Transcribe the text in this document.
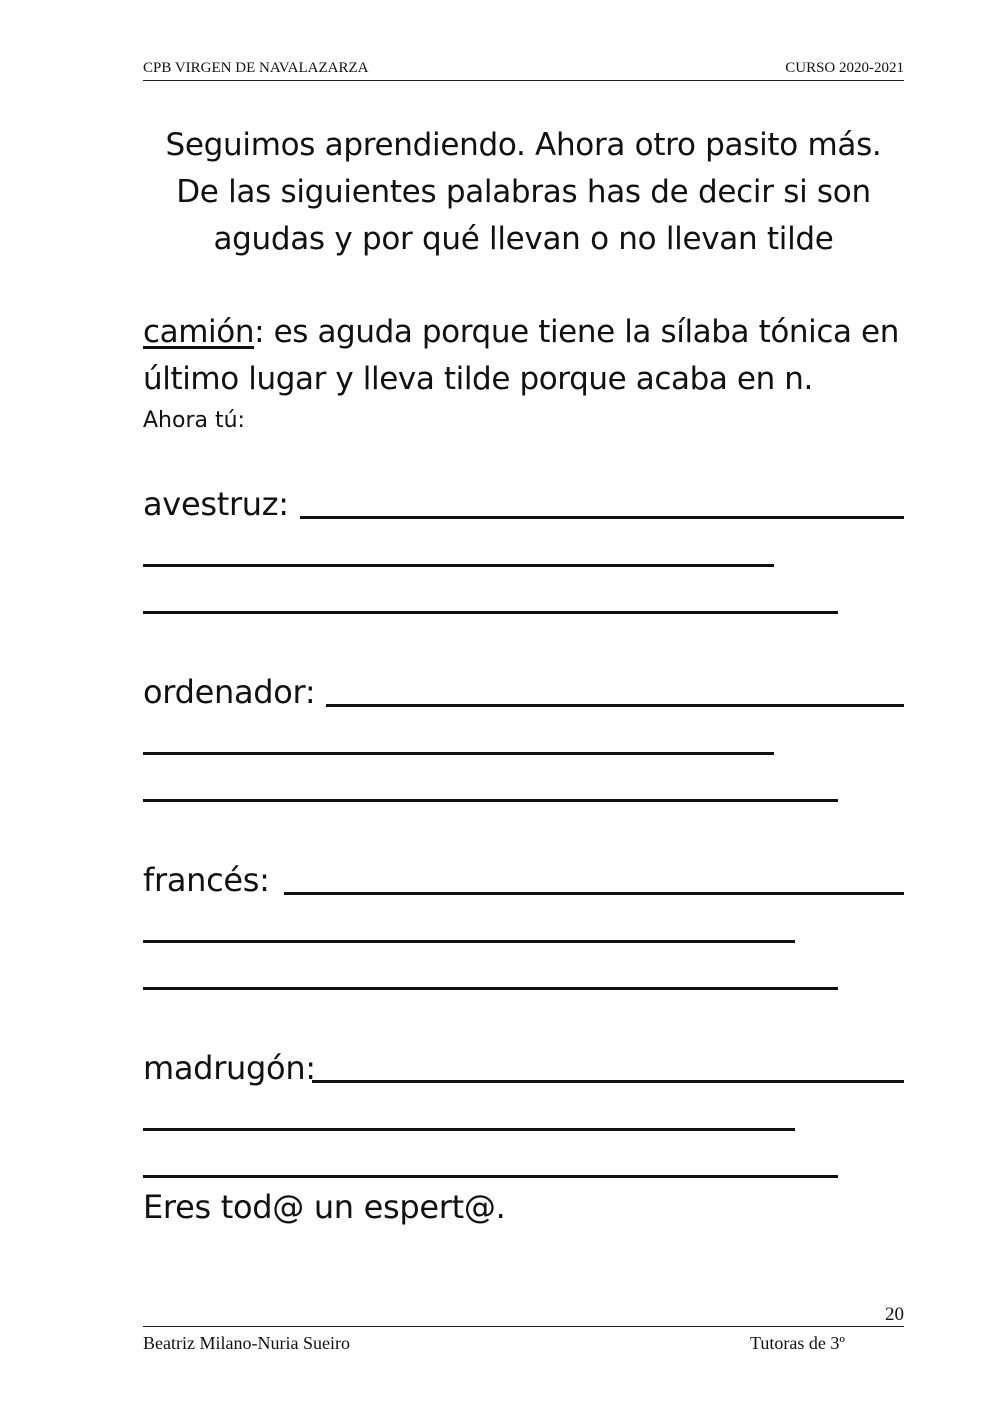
CPB VIRGEN DE NAVALAZARZA	CURSO 2020-2021
Seguimos aprendiendo. Ahora otro pasito más.
De las siguientes palabras has de decir si son
agudas y por qué llevan o no llevan tilde
camión: es aguda porque tiene la sílaba tónica en
último lugar y lleva tilde porque acaba en n.
Ahora tú:
avestruz:
ordenador:
francés:
madrugón:
Eres tod@ un espert@.
20
Beatriz Milano-Nuria Sueiro	Tutoras de 3º
